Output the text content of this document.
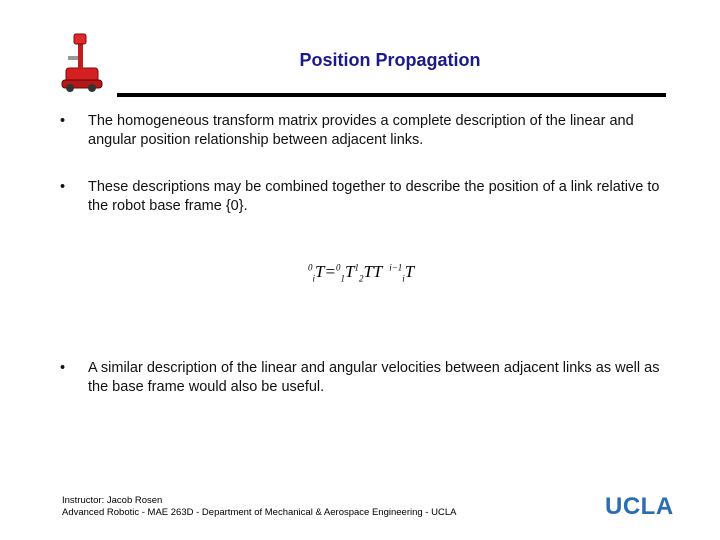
Position Propagation
• The homogeneous transform matrix provides a complete description of the linear and angular position relationship between adjacent links.
• These descriptions may be combined together to describe the position of a link relative to the robot base frame {0}.
$^0_iT=^0_1T^1_2TT$   $^{i-1}_i$T
• A similar description of the linear and angular velocities between adjacent links as well as the base frame would also be useful.
Instructor: Jacob Rosen
Advanced Robotic - MAE 263D - Department of Mechanical & Aerospace Engineering - UCLA	UCLA
